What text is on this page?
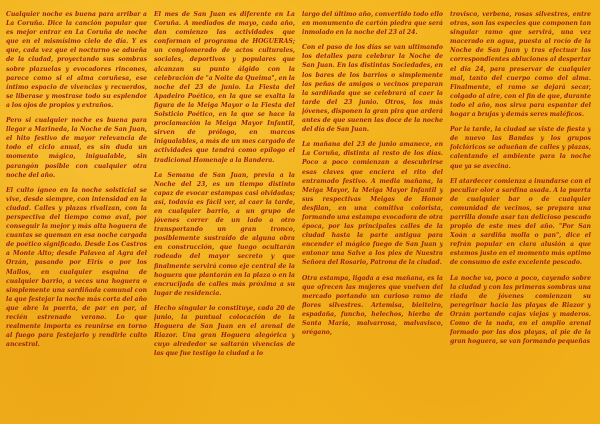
Cualquier noche es buena para arribar a La Coruña. Dice la canción popular que es mejor entrar en La Coruña de noche que en el mismísimo cielo de día. Y es que, cada vez que el nocturno se adueña de la ciudad, proyectando sus sombras sobre plazuelas y evocadores rincones, parece como si el alma coruñesa, ese íntimo espacio de vivencias y recuerdos, se liberase y mostrase todo su esplendor a los ojos de propios y extraños.

Pero si cualquier noche es buena para llegar a Marineda, la Noche de San Juan, el hito festivo de mayor relevancia de todo el ciclo anual, es sin duda un momento mágico, inigualable, sin parangón posible con cualquier otra noche del año.

El culto ígneo en la noche solsticial se vive, desde siempre, con intensidad en la ciudad. Calles y plazas rivalizan, con la perspectiva del tiempo como aval, por conseguir la mejor y más alta hoguera de cuantas se queman en esa noche cargada de poético significado. Desde Los Castros a Monte Alto; desde Palavea al Agra del Orzán, pasando por Eirís o por los Mallos, en cualquier esquina de cualquier barrio, a veces una hoguera o simplemente una sardiñada comunal con la que festejar la noche más corta del año que abre la puerta, de par en par, al recién estrenado verano. Lo que realmente importa es reunirse en torno al fuego para festejarlo y rendirle culto ancestral.

El mes de San Juan es diferente en La Coruña. A mediados de mayo, cada año, dan comienzo las actividades que conforman el programa de HOGUERAS; un conglomerado de actos culturales, sociales, deportivos y populares que alcanzan su punto álgido con la celebración de "a Noite da Queima", en la noche del 23 de junio. La Fiesta del Apadeiro Poético, en la que se exalta la figura de la Meiga Mayor o la Fiesta del Solsticio Poético, en la que se hace la proclamación la Meiga Mayor Infantil, sirven de prólogo, en marcos inigualables, a más de un mes cargado de actividades que tendrá como epílogo el tradicional Homenaje a la Bandera.

La Semana de San Juan, previa a la Noche del 23, es un tiempo distinto capaz de evocar estampas casi olvidadas; así, todavía es fácil ver, al caer la tarde, en cualquier barrio, a un grupo de jóvenes correr de un lado a otro transportando un gran tronco, posiblemente sustraído de alguna obra en construcción, que luego ocultarán rodeado del mayor secreto y que finalmente servirá como eje central de la hoguera que plantarán en la plaza o en la encrucijada de calles más próxima a su lugar de residencia.

Hecho singular lo constituye, cada 20 de junio, la puntual colocación de la Hoguera de San Juan en el arenal de Riazor. Una gran Hoguera alegórica y cuyo alrededor se saltarán vivencias de las que fue testigo la ciudad a lo

largo del último año, convertido todo ello en monumento de cartón piedra que será inmolado en la noche del 23 al 24.

Con el paso de los días se van ultimando los detalles para celebrar la Noche de San Juan. En las distintas Sociedades, en los bares de los barrios o simplemente las peñas de amigos o vecinos preparan la sardiñada que se celebrará al caer la tarde del 23 junio. Otros, los más jóvenes, disponen la gran pira que arderá antes de que suenen las doce de la noche del día de San Juan.

La mañana del 23 de junio amanece, en La Coruña, distinta al resto de los días. Poco a poco comienzan a descubrirse esas claves que enciera el rito del entramado festivo. A media mañana, la Meiga Mayor, la Meiga Mayor Infantil y sus respectivas Meigas de Honor desfilan, en una comitiva colorista, formando una estampa evocadora de otra época, por las principales calles de la ciudad hasta la parte antigua para encender el mágico fuego de San Juan y entonar una Salve a los pies de Nuestra Señora del Rosario, Patrona de la ciudad.

Otra estampa, ligada a esa mañana, es la que ofrecen las mujeres que vuelven del mercado portando un curioso ramo de flores silvestres. Artemisa, bieiteiro, espadaña, funcho, helechos, hierba de Santa María, malvarrosa, malvavisco, orégano,

trovisco, verbena, rosas silvestres, entre otras, son las especies que componen tan singular ramo que servirá, una vez macerado en agua, puesta al rocío de la Noche de San Juan y tras efectuar las correspondientes abluciones al despertar el día 24, para preservar de cualquier mal, tanto del cuerpo como del alma. Finalmente, el ramo se dejará secar, colgado al aire, con el fin de que, durante todo el año, nos sirva para espantar del hogar a brujas y demás seres maléficos.

Por la tarde, la ciudad se viste de fiesta y de nuevo las Bandas y los grupos folclóricos se adueñan de calles y plazas, calentando el ambiente para la noche que ya se avecina.

El atardecer comienza a inundarse con el peculiar olor a sardina asada. A la puerta de cualquier bar o de cualquier comunidad de vecinos, se prepara una parrilla donde asar tan delicioso pescado propio de este mes del año. "Por San Xoán a sardiña molla o pan", dice el refrán popular en clara alusión a que estamos justo en el momento más optimo de consumo de este excelente pescado.

La noche va, poco a poco, cayendo sobre la ciudad y con las primeras sombras una riada de jóvenes comienzan su peregrinar hacia las playas de Riazor y Orzán portando cajas viejas y maderos. Como de la nada, en el amplio arenal formado por las dos playas, al pie de la gran hoguera, se van formando pequeñas
